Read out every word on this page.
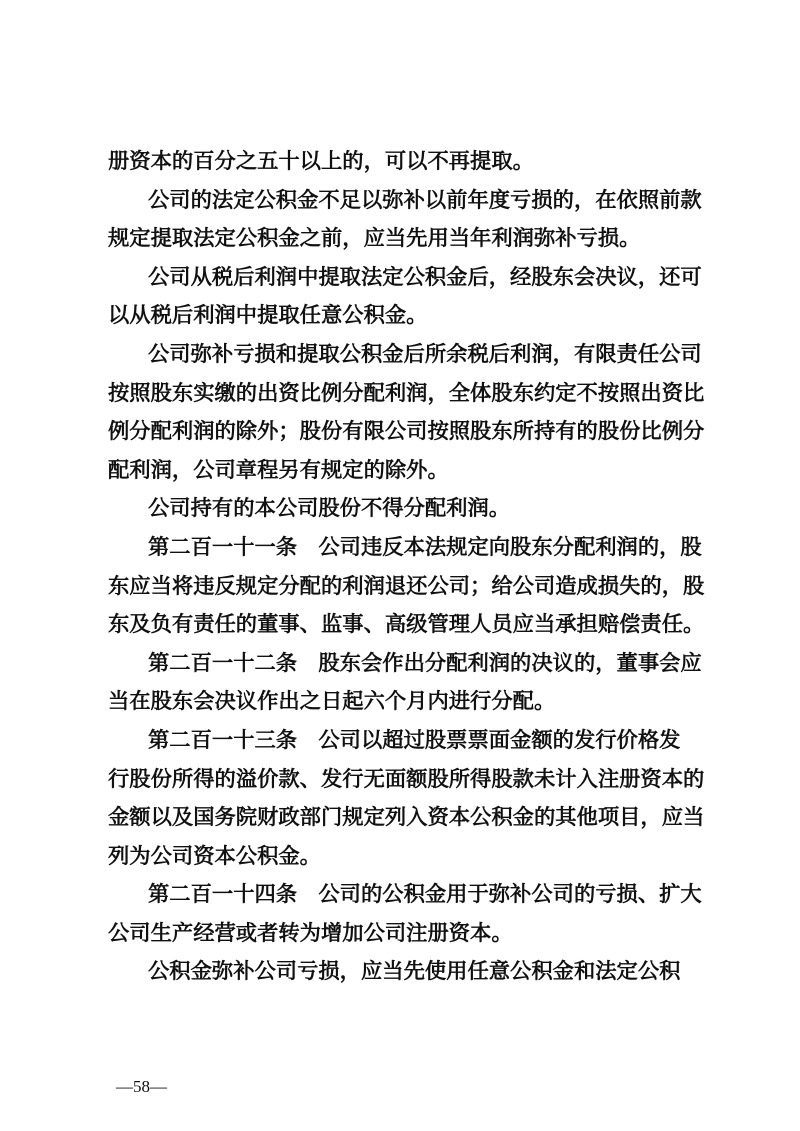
册资本的百分之五十以上的，可以不再提取。
公司的法定公积金不足以弥补以前年度亏损的，在依照前款
规定提取法定公积金之前，应当先用当年利润弥补亏损。
公司从税后利润中提取法定公积金后，经股东会决议，还可
以从税后利润中提取任意公积金。
公司弥补亏损和提取公积金后所余税后利润，有限责任公司
按照股东实缴的出资比例分配利润，全体股东约定不按照出资比
例分配利润的除外；股份有限公司按照股东所持有的股份比例分
配利润，公司章程另有规定的除外。
公司持有的本公司股份不得分配利润。
第二百一十一条　公司违反本法规定向股东分配利润的，股
东应当将违反规定分配的利润退还公司；给公司造成损失的，股
东及负有责任的董事、监事、高级管理人员应当承担赔偿责任。
第二百一十二条　股东会作出分配利润的决议的，董事会应
当在股东会决议作出之日起六个月内进行分配。
第二百一十三条　公司以超过股票票面金额的发行价格发
行股份所得的溢价款、发行无面额股所得股款未计入注册资本的
金额以及国务院财政部门规定列入资本公积金的其他项目，应当
列为公司资本公积金。
第二百一十四条　公司的公积金用于弥补公司的亏损、扩大
公司生产经营或者转为增加公司注册资本。
公积金弥补公司亏损，应当先使用任意公积金和法定公积
—58—
